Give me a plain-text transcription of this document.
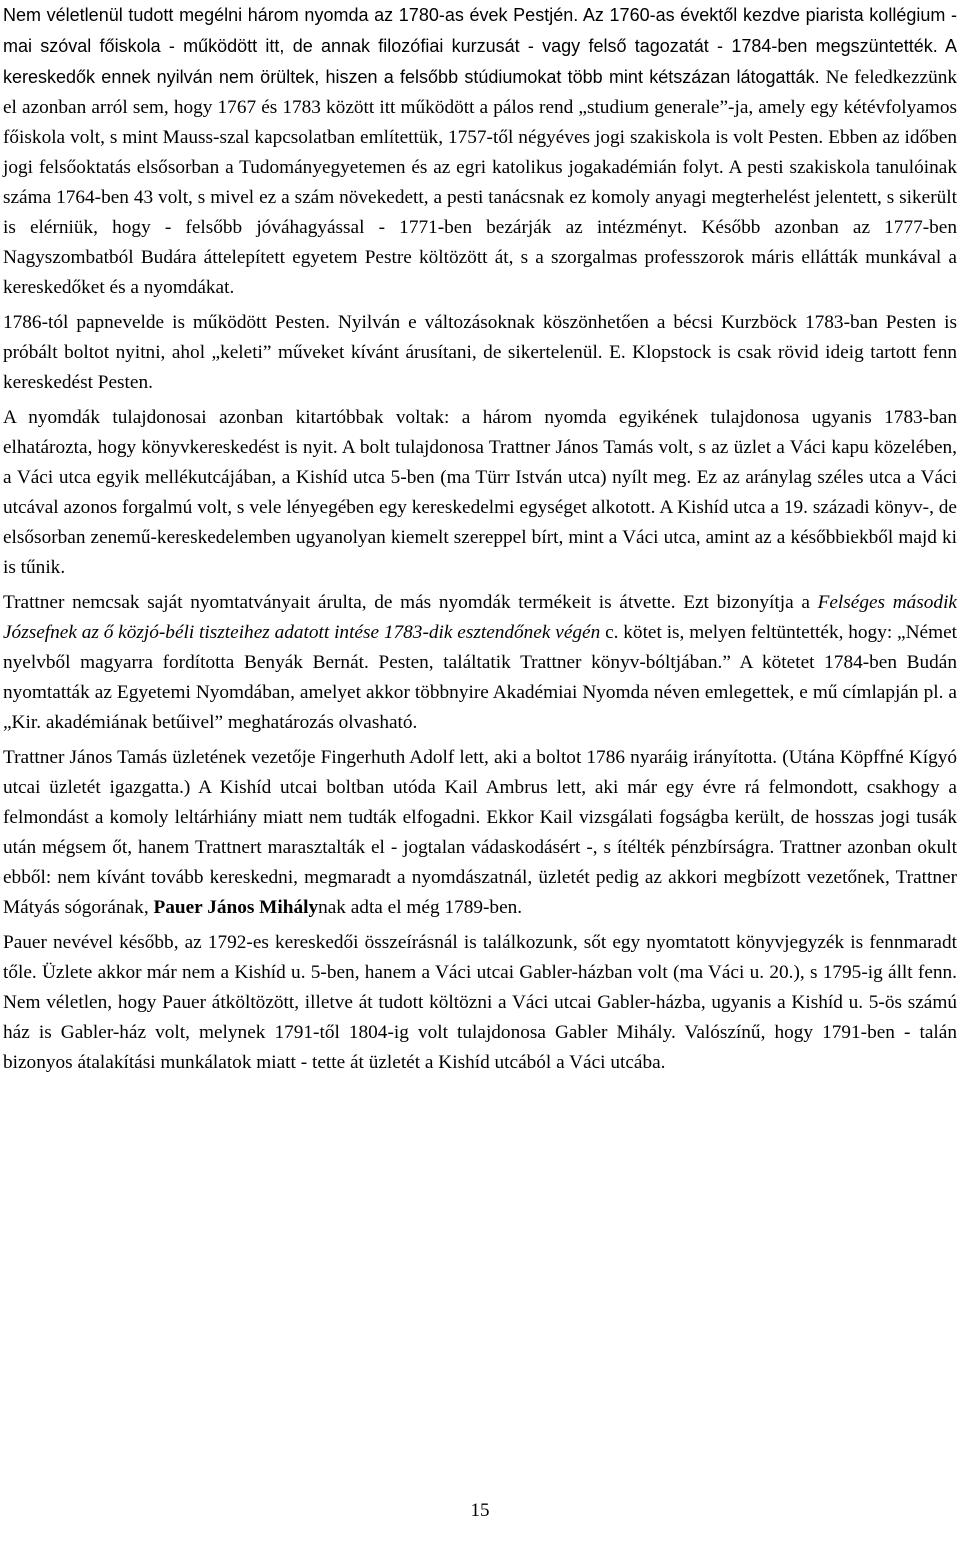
Nem véletlenül tudott megélni három nyomda az 1780-as évek Pestjén. Az 1760-as évektől kezdve piarista kollégium - mai szóval főiskola - működött itt, de annak filozófiai kurzusát - vagy felső tagozatát - 1784-ben megszüntették. A kereskedők ennek nyilván nem örültek, hiszen a felsőbb stúdiumokat több mint kétszázan látogatták. Ne feledkezzünk el azonban arról sem, hogy 1767 és 1783 között itt működött a pálos rend „studium generale”-ja, amely egy kétévfolyamos főiskola volt, s mint Mauss-szal kapcsolatban említettük, 1757-től négyéves jogi szakiskola is volt Pesten. Ebben az időben jogi felsőoktatás elsősorban a Tudományegyetemen és az egri katolikus jogakadémián folyt. A pesti szakiskola tanulóinak száma 1764-ben 43 volt, s mivel ez a szám növekedett, a pesti tanácsnak ez komoly anyagi megterhelést jelentett, s sikerült is elérniük, hogy - felsőbb jóváhagyással - 1771-ben bezárják az intézményt. Később azonban az 1777-ben Nagyszombatból Budára áttelepített egyetem Pestre költözött át, s a szorgalmas professzorok máris ellátták munkával a kereskedőket és a nyomdákat.

1786-tól papnevelde is működött Pesten. Nyilván e változásoknak köszönhetően a bécsi Kurzböck 1783-ban Pesten is próbált boltot nyitni, ahol „keleti” műveket kívánt árusítani, de sikertelenül. E. Klopstock is csak rövid ideig tartott fenn kereskedést Pesten.

A nyomdák tulajdonosai azonban kitartóbbak voltak: a három nyomda egyikének tulajdonosa ugyanis 1783-ban elhatározta, hogy könyvkereskedést is nyit. A bolt tulajdonosa Trattner János Tamás volt, s az üzlet a Váci kapu közelében, a Váci utca egyik mellékutcájában, a Kishíd utca 5-ben (ma Türr István utca) nyílt meg. Ez az aránylag széles utca a Váci utcával azonos forgalmú volt, s vele lényegében egy kereskedelmi egységet alkotott. A Kishíd utca a 19. századi könyv-, de elsősorban zenemű-kereskedelemben ugyanolyan kiemelt szereppel bírt, mint a Váci utca, amint az a későbbiekből majd ki is tűnik.

Trattner nemcsak saját nyomtatványait árulta, de más nyomdák termékeit is átvette. Ezt bizonyítja a Felséges második Józsefnek az ő közjó-béli tiszteihez adatott intése 1783-dik esztendőnek végén c. kötet is, melyen feltüntették, hogy: „Német nyelvből magyarra fordította Benyák Bernát. Pesten, találtatik Trattner könyv-bóltjában.” A kötetet 1784-ben Budán nyomtatták az Egyetemi Nyomdában, amelyet akkor többnyire Akadémiai Nyomda néven emlegettek, e mű címlapján pl. a „Kir. akadémiának betűivel” meghatározás olvasható.

Trattner János Tamás üzletének vezetője Fingerhuth Adolf lett, aki a boltot 1786 nyaráig irányította. (Utána Köpffné Kígyó utcai üzletét igazgatta.) A Kishíd utcai boltban utóda Kail Ambrus lett, aki már egy évre rá felmondott, csakhogy a felmondást a komoly leltárhiány miatt nem tudták elfogadni. Ekkor Kail vizsgálati fogságba került, de hosszas jogi tusák után mégsem őt, hanem Trattnert marasztalták el - jogtalan vádaskodásért -, s ítélték pénzbírságra. Trattner azonban okult ebből: nem kívánt tovább kereskedni, megmaradt a nyomdászatnál, üzletét pedig az akkori megbízott vezetőnek, Trattner Mátyás sógorának, Pauer János Mihálynak adta el még 1789-ben.

Pauer nevével később, az 1792-es kereskedői összeírásnál is találkozunk, sőt egy nyomtatott könyvjegyzék is fennmaradt tőle. Üzlete akkor már nem a Kishíd u. 5-ben, hanem a Váci utcai Gabler-házban volt (ma Váci u. 20.), s 1795-ig állt fenn. Nem véletlen, hogy Pauer átköltözött, illetve át tudott költözni a Váci utcai Gabler-házba, ugyanis a Kishíd u. 5-ös számú ház is Gabler-ház volt, melynek 1791-től 1804-ig volt tulajdonosa Gabler Mihály. Valószínű, hogy 1791-ben - talán bizonyos átalakítási munkálatok miatt - tette át üzletét a Kishíd utcából a Váci utcába.

15
